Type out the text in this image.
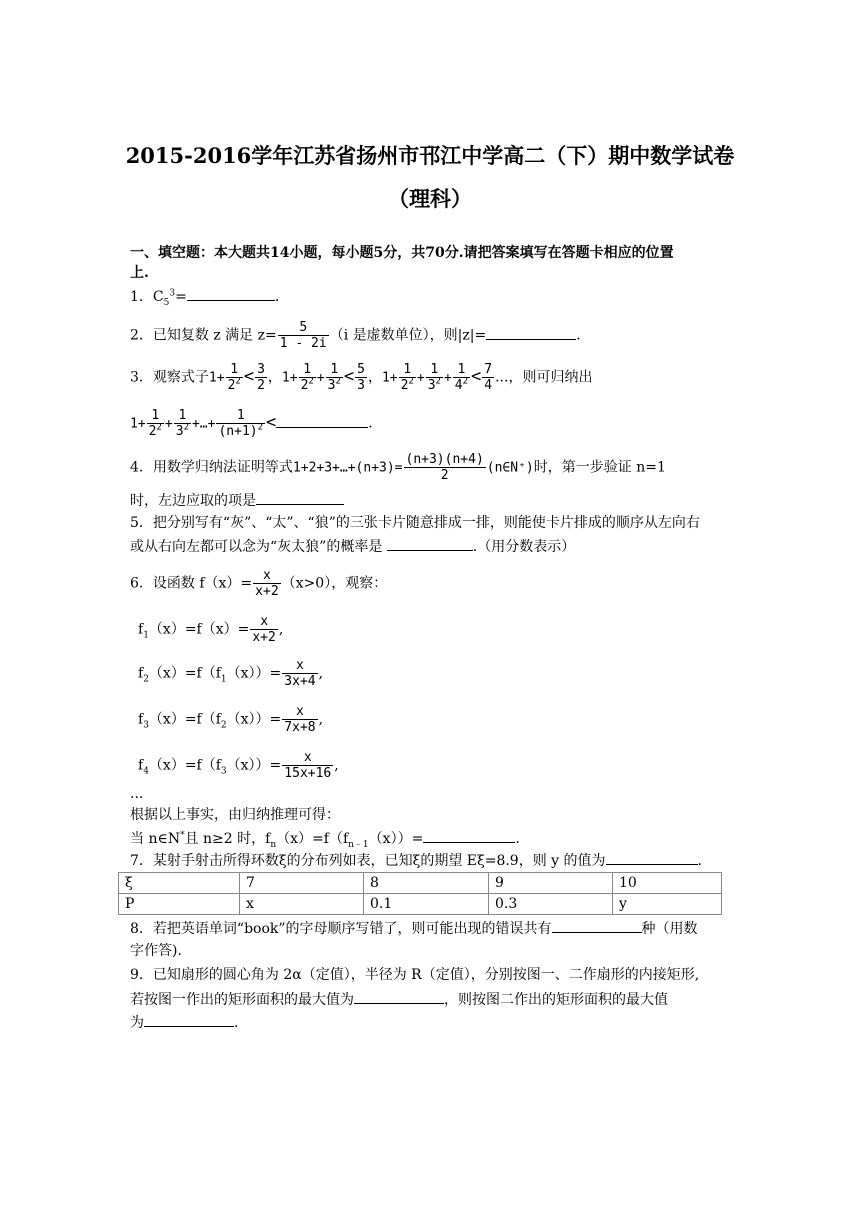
2015-2016学年江苏省扬州市邗江中学高二（下）期中数学试卷
（理科）
一、填空题：本大题共14小题，每小题5分，共70分.请把答案填写在答题卡相应的位置
上.
1．$C_5^3=$	.
2．已知复数 z 满足 $z= \frac{5}{1 - 2i} (i$ 是虚数单位），则|z|=	.
3．观察式子$1+ \frac{1}{2^2} < \frac{3}{2}$ ，$1+ \frac{1}{2^2} + \frac{1}{3^2} < \frac{5}{3}$ ，$1+ \frac{1}{2^2} + \frac{1}{3^2} + \frac{1}{4^2} < \frac{7}{4}$ ...，则可归纳出
$1+ \frac{1}{2^2} + \frac{1}{3^2}$ +…+ $\frac{1}{(n+1)^2}$ <	.
4．用数学归纳法证明等式1+2+3+…+(n+3)= $\frac{(n+3)(n+4)}{2}$ (n∈N⁺)时，第一步验证 n=1
时，左边应取的项是
5．把分别写有“灰”、“太”、“狼”的三张卡片随意排成一排，则能使卡片排成的顺序从左向右
或从右向左都可以念为“灰太狼”的概率是	.（用分数表示）
6．设函数 $f(x)= \frac{x}{x+2} (x>0)$，观察：
$f_1(x)=f(x)= \frac{x}{x+2}$ ,
$f_2(x)=f(f_1(x))= \frac{x}{3x+4}$ ,
$f_3(x)=f(f_2(x))= \frac{x}{7x+8}$ ,
$f_4(x)=f(f_3(x))= \frac{x}{15x+16}$ ,
...
根据以上事实，由归纳推理可得：
当 n∈N*且 n≥2 时，$f_n(x)=f(f_{n﹣1}(x))=$	.
7．某射手射击所得环数ξ的分布列如表，已知ξ的期望 Eξ=8.9，则 y 的值为	.
ξ	7	8	9	10
P	x	0.1	0.3	y
8．若把英语单词“book”的字母顺序写错了，则可能出现的错误共有	种（用数
字作答).
9．已知扇形的圆心角为 2α（定值），半径为 R（定值），分别按图一、二作扇形的内接矩形,
若按图一作出的矩形面积的最大值为	，则按图二作出的矩形面积的最大值
为	.
